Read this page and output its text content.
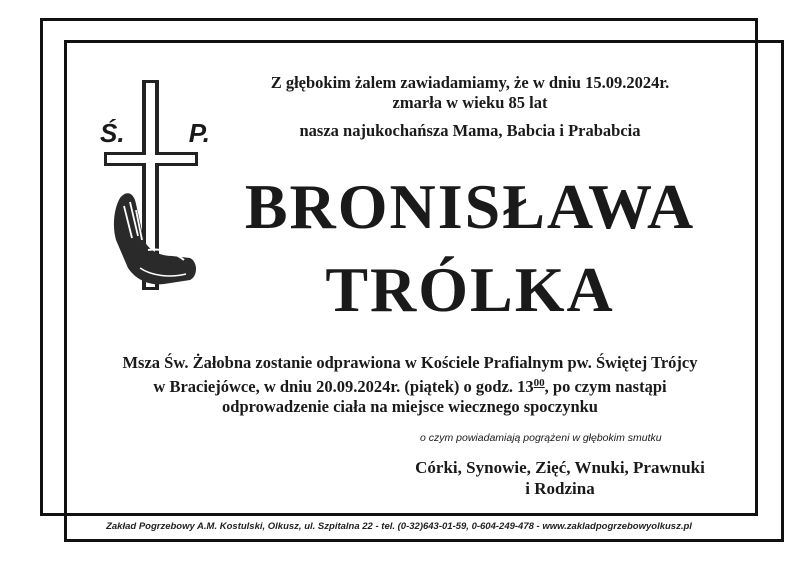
Ś. P.
Z głębokim żalem zawiadamiamy, że w dniu 15.09.2024r.
zmarła w wieku 85 lat
nasza najukochańsza Mama, Babcia i Prababcia
BRONISŁAWA
TRÓLKA
Msza Św. Żałobna zostanie odprawiona w Kościele Prafialnym pw. Świętej Trójcy
w Braciejówce, w dniu 20.09.2024r. (piątek) o godz. $13^{00}$, po czym nastąpi
odprowadzenie ciała na miejsce wiecznego spoczynku
o czym powiadamiają pogrążeni w głębokim smutku
Córki, Synowie, Zięć, Wnuki, Prawnuki
i Rodzina
Zakład Pogrzebowy A.M. Kostulski, Olkusz, ul. Szpitalna 22 - tel. (0-32)643-01-59, 0-604-249-478 - www.zakladpogrzebowyolkusz.pl
